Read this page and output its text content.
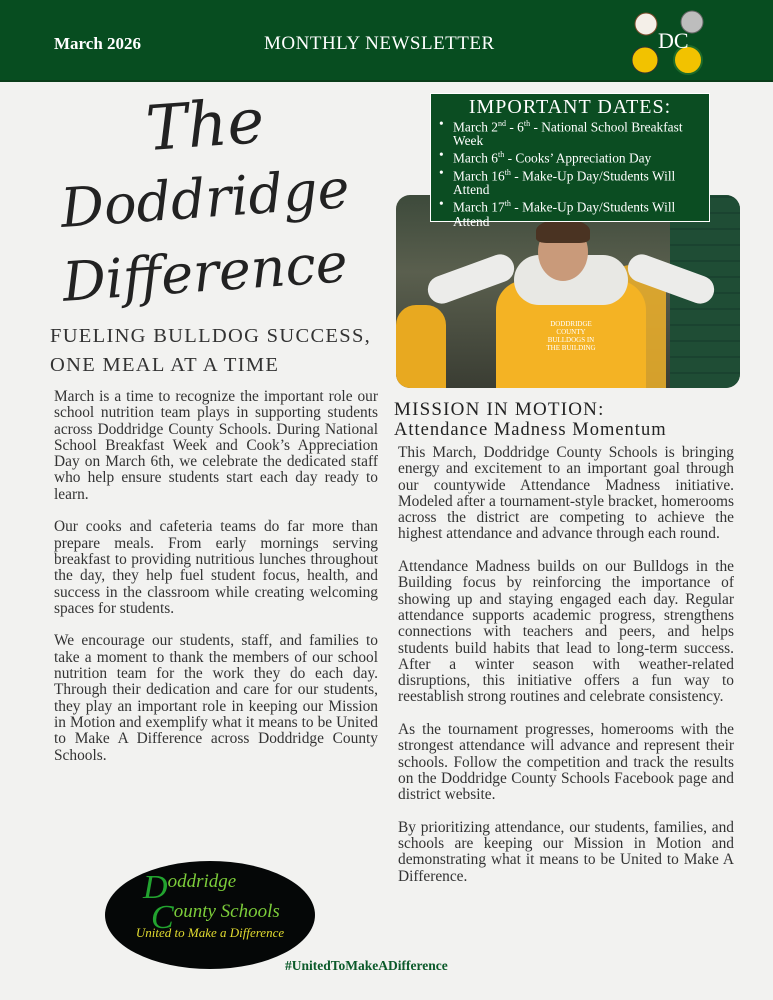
March 2026	MONTHLY NEWSLETTER	DC
The
Doddridge
Difference
FUELING BULLDOG SUCCESS,
ONE MEAL AT A TIME

March is a time to recognize the important role our school nutrition team plays in supporting students across Doddridge County Schools. During National School Breakfast Week and Cook’s Appreciation Day on March 6th, we celebrate the dedicated staff who help ensure students start each day ready to learn.

Our cooks and cafeteria teams do far more than prepare meals. From early mornings serving breakfast to providing nutritious lunches throughout the day, they help fuel student focus, health, and success in the classroom while creating welcoming spaces for students.

We encourage our students, staff, and families to take a moment to thank the members of our school nutrition team for the work they do each day. Through their dedication and care for our students, they play an important role in keeping our Mission in Motion and exemplify what it means to be United to Make A Difference across Doddridge County Schools.

DODDRIDGE COUNTY
BULLDOGS IN THE BUILDING
IMPORTANT DATES:
• March 2nd - 6th - National School Breakfast Week
• March 6th - Cooks’ Appreciation Day
• March 16th - Make-Up Day/Students Will Attend
• March 17th - Make-Up Day/Students Will Attend
MISSION IN MOTION:
Attendance Madness Momentum

This March, Doddridge County Schools is bringing energy and excitement to an important goal through our countywide Attendance Madness initiative. Modeled after a tournament-style bracket, homerooms across the district are competing to achieve the highest attendance and advance through each round.

Attendance Madness builds on our Bulldogs in the Building focus by reinforcing the importance of showing up and staying engaged each day. Regular attendance supports academic progress, strengthens connections with teachers and peers, and helps students build habits that lead to long-term success. After a winter season with weather-related disruptions, this initiative offers a fun way to reestablish strong routines and celebrate consistency.

As the tournament progresses, homerooms with the strongest attendance will advance and represent their schools. Follow the competition and track the results on the Doddridge County Schools Facebook page and district website.

By prioritizing attendance, our students, families, and schools are keeping our Mission in Motion and demonstrating what it means to be United to Make A Difference.

Doddridge
County Schools
United to Make a Difference
#UnitedToMakeADifference
